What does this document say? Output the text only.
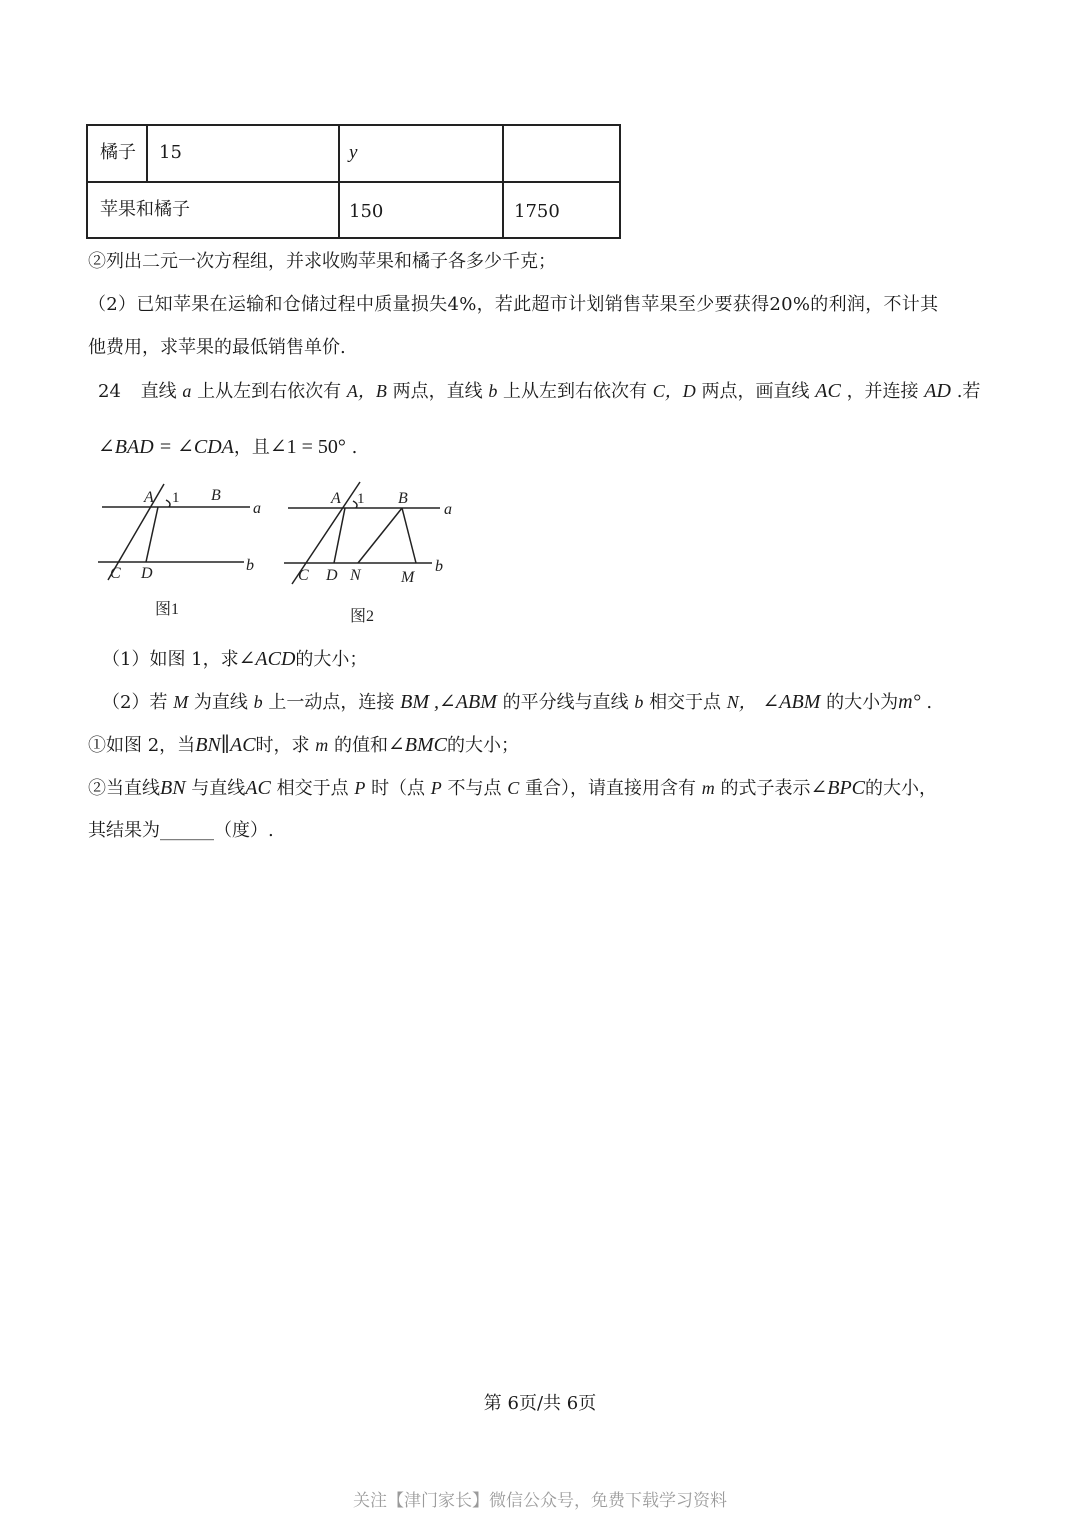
橘子 15	y
苹果和橘子	150	1750
②列出二元一次方程组，并求收购苹果和橘子各多少千克；
（2）已知苹果在运输和仓储过程中质量损失4%，若此超市计划销售苹果至少要获得20%的利润，不计其
他费用，求苹果的最低销售单价.
24 直线 a 上从左到右依次有 A，B 两点，直线 b 上从左到右依次有 C，D 两点，画直线 AC ，并连接 AD .若
∠BAD = ∠CDA，且∠1 = 50° .
A 1 B
a
b
C D
图1
A 1 B
a
b
C D N	M
图2
（1）如图 1，求∠ACD的大小；
（2）若 M 为直线 b 上一动点，连接 BM ,∠ABM 的平分线与直线 b 相交于点 N， ∠ABM 的大小为m° .
①如图 2，当BN∥AC时，求 m 的值和∠BMC的大小；
②当直线BN 与直线AC 相交于点 P 时（点 P 不与点 C 重合），请直接用含有 m 的式子表示∠BPC的大小，
其结果为______（度）.
第 6页/共 6页
关注【津门家长】微信公众号，免费下载学习资料
